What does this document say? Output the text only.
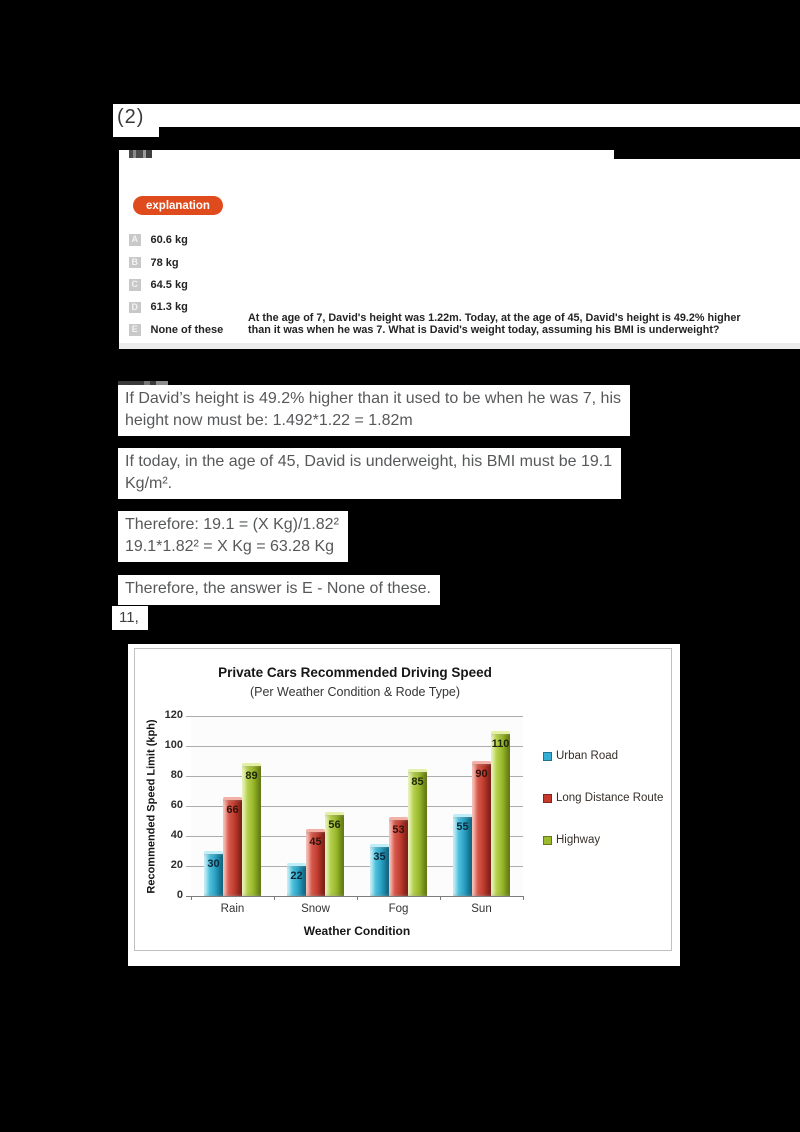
(2)
At the age of 7, David's height was 1.22m. Today, at the age of 45, David's height is 49.2% higher
than it was when he was 7. What is David's weight today, assuming his BMI is underweight?
explanation
A 60.6 kg
B 78 kg
C 64.5 kg
D 61.3 kg
E None of these
If David’s height is 49.2% higher than it used to be when he was 7, his
height now must be: 1.492*1.22 = 1.82m
If today, in the age of 45, David is underweight, his BMI must be 19.1
Kg/m².
Therefore: 19.1 = (X Kg)/1.82²
19.1*1.82² = X Kg = 63.28 Kg
Therefore, the answer is E - None of these.
11,
Private Cars Recommended Driving Speed
(Per Weather Condition & Rode Type)
Recommended Speed Limit (kph)
0
20
40
60
80
100
120
Rain
30
66
89
Snow
22
45
56
Fog
35
53
85
Sun
55
90
110
Weather Condition
Urban Road
Long Distance Route
Highway
